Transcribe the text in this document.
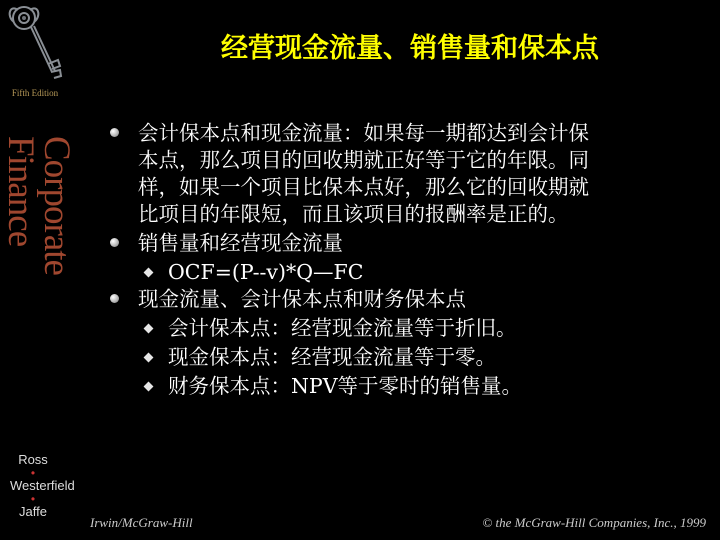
Fifth Edition
Corporate
Finance
Ross
•
Westerfield
•
Jaffe
经营现金流量、销售量和保本点
会计保本点和现金流量：如果每一期都达到会计保
本点，那么项目的回收期就正好等于它的年限。同
样，如果一个项目比保本点好，那么它的回收期就
比项目的年限短，而且该项目的报酬率是正的。
销售量和经营现金流量
OCF=(P--v)*Q—FC
现金流量、会计保本点和财务保本点
会计保本点：经营现金流量等于折旧。
现金保本点：经营现金流量等于零。
财务保本点：NPV等于零时的销售量。
Irwin/McGraw-Hill	© the McGraw-Hill Companies, Inc., 1999
